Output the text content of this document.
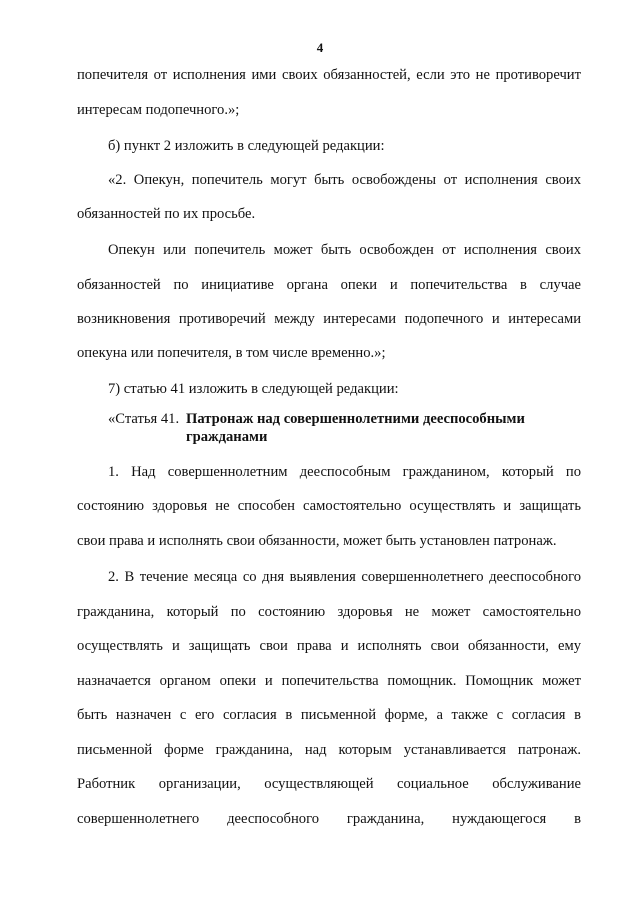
4
попечителя от исполнения ими своих обязанностей, если это не противоречит
интересам подопечного.»;
б) пункт 2 изложить в следующей редакции:
«2. Опекун, попечитель могут быть освобождены от исполнения своих
обязанностей по их просьбе.
Опекун или попечитель может быть освобожден от исполнения своих
обязанностей по инициативе органа опеки и попечительства в случае
возникновения противоречий между интересами подопечного и интересами
опекуна или попечителя, в том числе временно.»;
7) статью 41 изложить в следующей редакции:
«Статья 41. Патронаж над совершеннолетними дееспособными
гражданами
1. Над совершеннолетним дееспособным гражданином, который по
состоянию здоровья не способен самостоятельно осуществлять и защищать
свои права и исполнять свои обязанности, может быть установлен патронаж.
2. В течение месяца со дня выявления совершеннолетнего дееспособного
гражданина, который по состоянию здоровья не может самостоятельно
осуществлять и защищать свои права и исполнять свои обязанности, ему
назначается органом опеки и попечительства помощник. Помощник может
быть назначен с его согласия в письменной форме, а также с согласия в
письменной форме гражданина, над которым устанавливается патронаж.
Работник организации, осуществляющей социальное обслуживание
совершеннолетнего дееспособного гражданина, нуждающегося в
